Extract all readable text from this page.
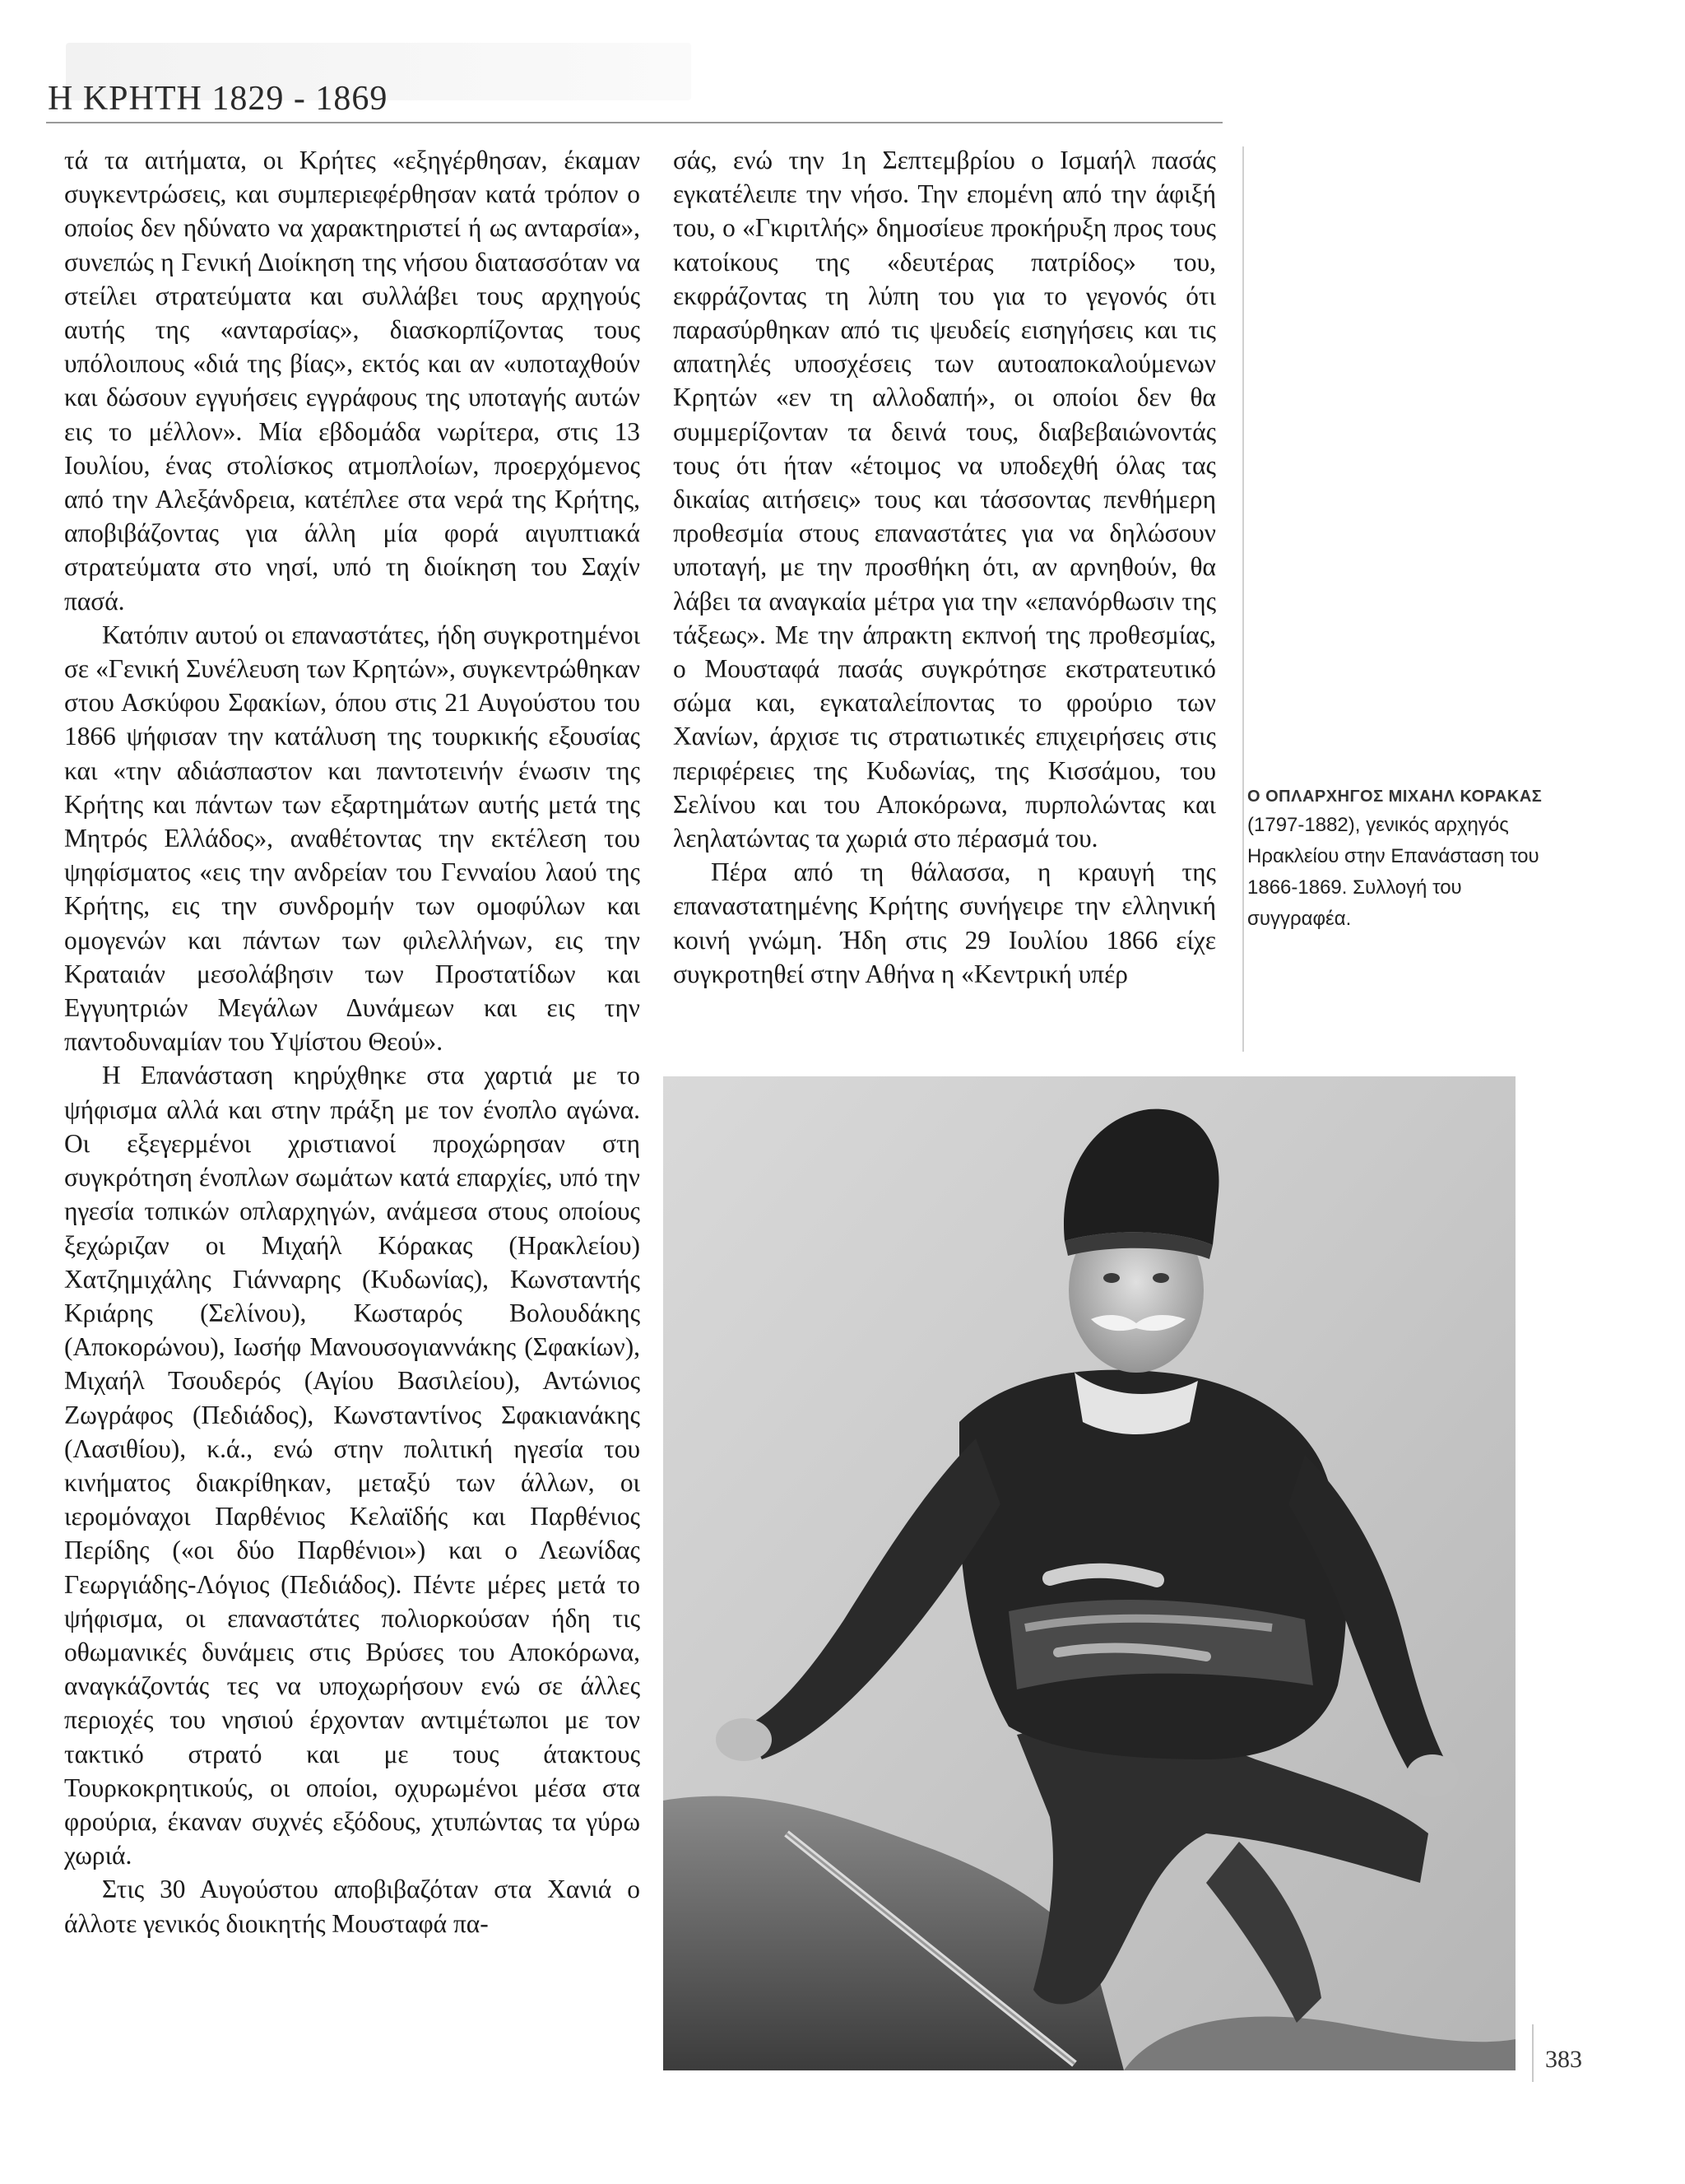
Η ΚΡΗΤΗ 1829 - 1869

τά τα αιτήματα, οι Κρήτες «εξηγέρθησαν, έκαμαν συγκεντρώσεις, και συμπεριεφέρθησαν κατά τρόπον ο οποίος δεν ηδύνατο να χαρακτηριστεί ή ως ανταρσία», συνεπώς η Γενική Διοίκηση της νήσου διατασσόταν να στείλει στρατεύματα και συλλάβει τους αρχηγούς αυτής της «ανταρσίας», διασκορπίζοντας τους υπόλοιπους «διά της βίας», εκτός και αν «υποταχθούν και δώσουν εγγυήσεις εγγράφους της υποταγής αυτών εις το μέλλον». Μία εβδομάδα νωρίτερα, στις 13 Ιουλίου, ένας στολίσκος ατμοπλοίων, προερχόμενος από την Αλεξάνδρεια, κατέπλεε στα νερά της Κρήτης, αποβιβάζοντας για άλλη μία φορά αιγυπτιακά στρατεύματα στο νησί, υπό τη διοίκηση του Σαχίν πασά.

Κατόπιν αυτού οι επαναστάτες, ήδη συγκροτημένοι σε «Γενική Συνέλευση των Κρητών», συγκεντρώθηκαν στου Ασκύφου Σφακίων, όπου στις 21 Αυγούστου του 1866 ψήφισαν την κατάλυση της τουρκικής εξουσίας και «την αδιάσπαστον και παντοτεινήν ένωσιν της Κρήτης και πάντων των εξαρτημάτων αυτής μετά της Μητρός Ελλάδος», αναθέτοντας την εκτέλεση του ψηφίσματος «εις την ανδρείαν του Γενναίου λαού της Κρήτης, εις την συνδρομήν των ομοφύλων και ομογενών και πάντων των φιλελλήνων, εις την Κραταιάν μεσολάβησιν των Προστατίδων και Εγγυητριών Μεγάλων Δυνάμεων και εις την παντοδυναμίαν του Υψίστου Θεού».

Η Επανάσταση κηρύχθηκε στα χαρτιά με το ψήφισμα αλλά και στην πράξη με τον ένοπλο αγώνα. Οι εξεγερμένοι χριστιανοί προχώρησαν στη συγκρότηση ένοπλων σωμάτων κατά επαρχίες, υπό την ηγεσία τοπικών οπλαρχηγών, ανάμεσα στους οποίους ξεχώριζαν οι Μιχαήλ Κόρακας (Ηρακλείου) Χατζημιχάλης Γιάνναρης (Κυδωνίας), Κωνσταντής Κριάρης (Σελίνου), Κωσταρός Βολουδάκης (Αποκορώνου), Ιωσήφ Μανουσογιαννάκης (Σφακίων), Μιχαήλ Τσουδερός (Αγίου Βασιλείου), Αντώνιος Ζωγράφος (Πεδιάδος), Κωνσταντίνος Σφακιανάκης (Λασιθίου), κ.ά., ενώ στην πολιτική ηγεσία του κινήματος διακρίθηκαν, μεταξύ των άλλων, οι ιερομόναχοι Παρθένιος Κελαϊδής και Παρθένιος Περίδης («οι δύο Παρθένιοι») και ο Λεωνίδας Γεωργιάδης-Λόγιος (Πεδιάδος). Πέντε μέρες μετά το ψήφισμα, οι επαναστάτες πολιορκούσαν ήδη τις οθωμανικές δυνάμεις στις Βρύσες του Αποκόρωνα, αναγκάζοντάς τες να υποχωρήσουν ενώ σε άλλες περιοχές του νησιού έρχονταν αντιμέτωποι με τον τακτικό στρατό και με τους άτακτους Τουρκοκρητικούς, οι οποίοι, οχυρωμένοι μέσα στα φρούρια, έκαναν συχνές εξόδους, χτυπώντας τα γύρω χωριά.

Στις 30 Αυγούστου αποβιβαζόταν στα Χανιά ο άλλοτε γενικός διοικητής Μουσταφά πα-

σάς, ενώ την 1η Σεπτεμβρίου ο Ισμαήλ πασάς εγκατέλειπε την νήσο. Την επομένη από την άφιξή του, ο «Γκιριτλής» δημοσίευε προκήρυξη προς τους κατοίκους της «δευτέρας πατρίδος» του, εκφράζοντας τη λύπη του για το γεγονός ότι παρασύρθηκαν από τις ψευδείς εισηγήσεις και τις απατηλές υποσχέσεις των αυτοαποκαλούμενων Κρητών «εν τη αλλοδαπή», οι οποίοι δεν θα συμμερίζονταν τα δεινά τους, διαβεβαιώνοντάς τους ότι ήταν «έτοιμος να υποδεχθή όλας τας δικαίας αιτήσεις» τους και τάσσοντας πενθήμερη προθεσμία στους επαναστάτες για να δηλώσουν υποταγή, με την προσθήκη ότι, αν αρνηθούν, θα λάβει τα αναγκαία μέτρα για την «επανόρθωσιν της τάξεως». Με την άπρακτη εκπνοή της προθεσμίας, ο Μουσταφά πασάς συγκρότησε εκστρατευτικό σώμα και, εγκαταλείποντας το φρούριο των Χανίων, άρχισε τις στρατιωτικές επιχειρήσεις στις περιφέρειες της Κυδωνίας, της Κισσάμου, του Σελίνου και του Αποκόρωνα, πυρπολώντας και λεηλατώντας τα χωριά στο πέρασμά του.

Πέρα από τη θάλασσα, η κραυγή της επαναστατημένης Κρήτης συνήγειρε την ελληνική κοινή γνώμη. Ήδη στις 29 Ιουλίου 1866 είχε συγκροτηθεί στην Αθήνα η «Κεντρική υπέρ

Ο ΟΠΛΑΡΧΗΓΟΣ ΜΙΧΑΗΛ ΚΟΡΑΚΑΣ
(1797-1882), γενικός αρχηγός Ηρακλείου στην Επανάσταση του 1866-1869. Συλλογή του συγγραφέα.
383
